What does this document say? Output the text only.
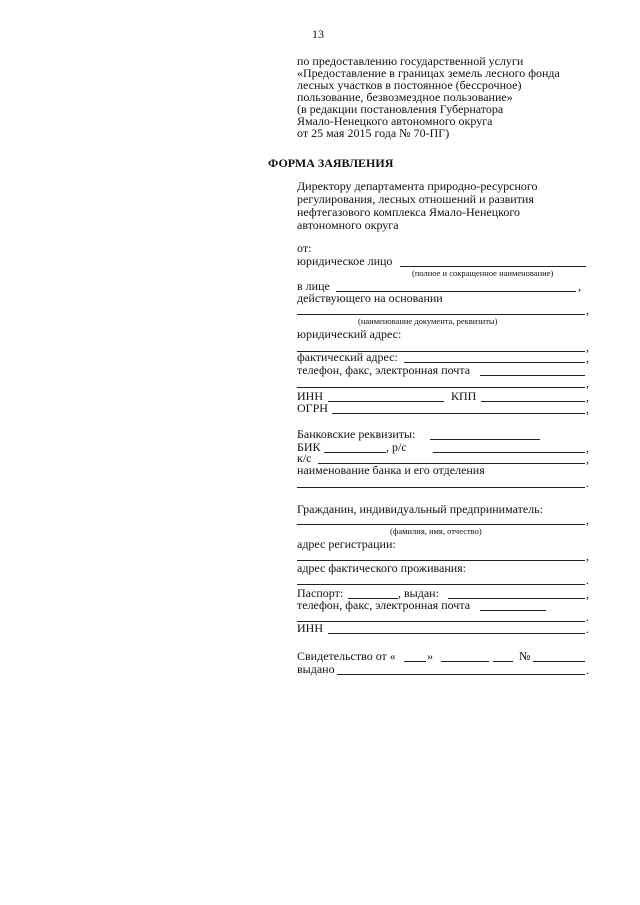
13
по предоставлению государственной услуги
«Предоставление в границах земель лесного фонда
лесных участков в постоянное (бессрочное)
пользование, безвозмездное пользование»
(в редакции постановления Губернатора
Ямало-Ненецкого автономного округа
от 25 мая 2015 года № 70-ПГ)
ФОРМА ЗАЯВЛЕНИЯ
Директору департамента природно-ресурсного
регулирования, лесных отношений и развития
нефтегазового комплекса Ямало-Ненецкого
автономного округа
от:
юридическое лицо
(полное и сокращенное наименование)
в лице	,
действующего на основании
,
(наименование документа, реквизиты)
юридический адрес:
,
фактический адрес:	,
телефон, факс, электронная почта
,
ИНН	КПП	,
ОГРН	,
Банковские реквизиты:
БИК	, р/с	,
к/с	,
наименование банка и его отделения
.
Гражданин, индивидуальный предприниматель:
,
(фамилия, имя, отчество)
адрес регистрации:
,
адрес фактического проживания:
.
Паспорт:	, выдан:	,
телефон, факс, электронная почта
.
ИНН	.
Свидетельство от «	»	№
выдано	.
